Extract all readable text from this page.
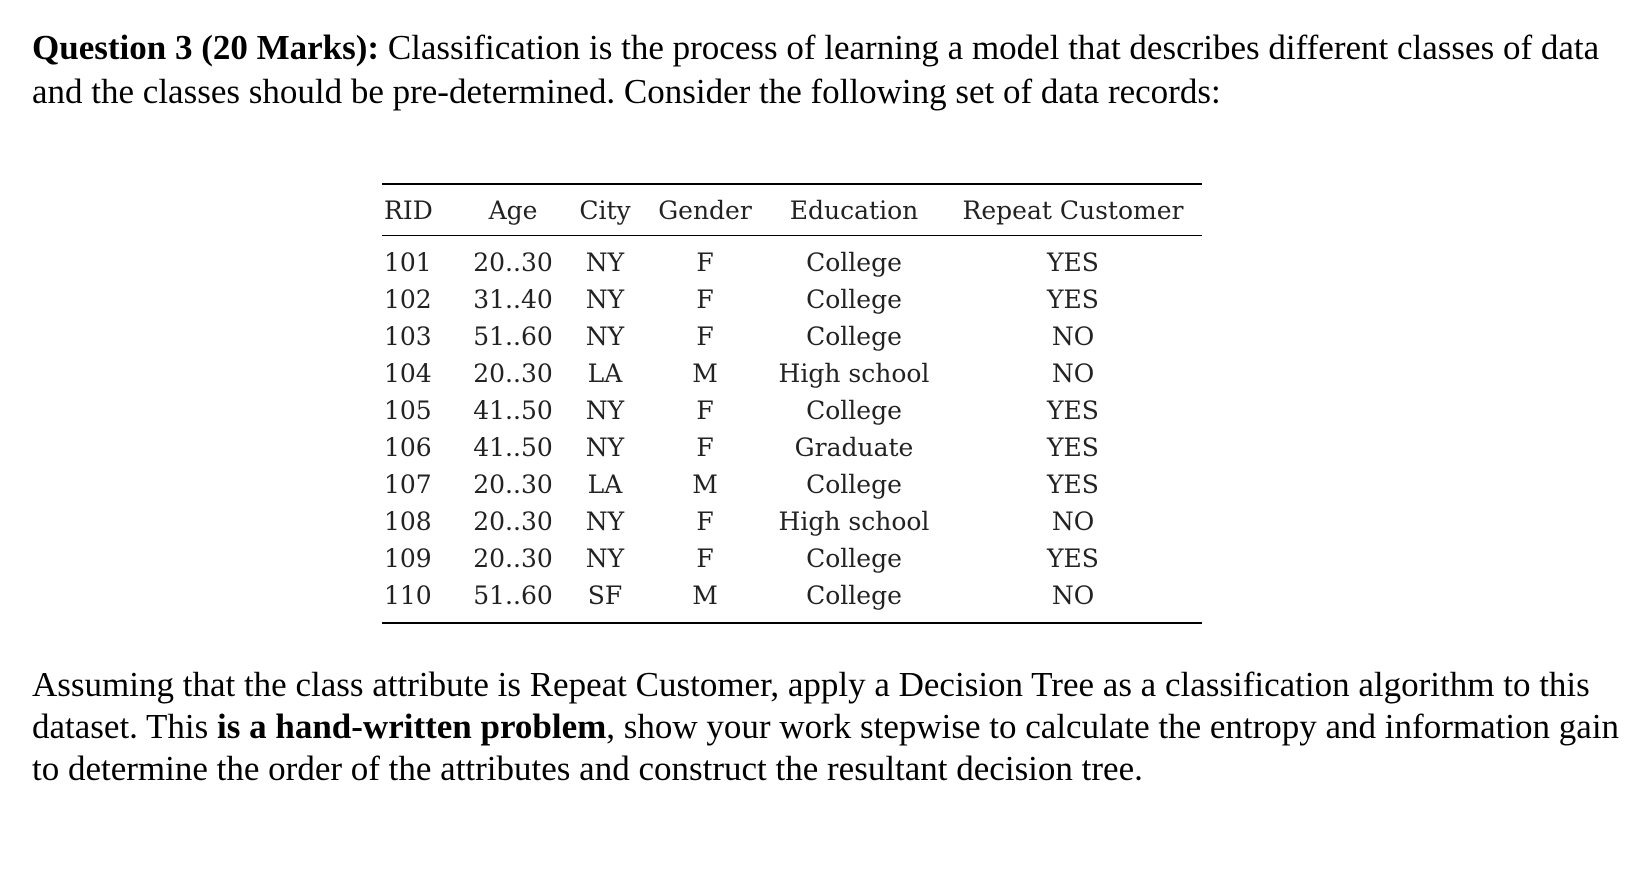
Question 3 (20 Marks): Classification is the process of learning a model that describes different classes of data and the classes should be pre-determined. Consider the following set of data records:

RID	Age	City	Gender	Education	Repeat Customer
101	20..30	NY	F	College	YES
102	31..40	NY	F	College	YES
103	51..60	NY	F	College	NO
104	20..30	LA	M	High school	NO
105	41..50	NY	F	College	YES
106	41..50	NY	F	Graduate	YES
107	20..30	LA	M	College	YES
108	20..30	NY	F	High school	NO
109	20..30	NY	F	College	YES
110	51..60	SF	M	College	NO

Assuming that the class attribute is Repeat Customer, apply a Decision Tree as a classification algorithm to this dataset. This is a hand-written problem, show your work stepwise to calculate the entropy and information gain to determine the order of the attributes and construct the resultant decision tree.
